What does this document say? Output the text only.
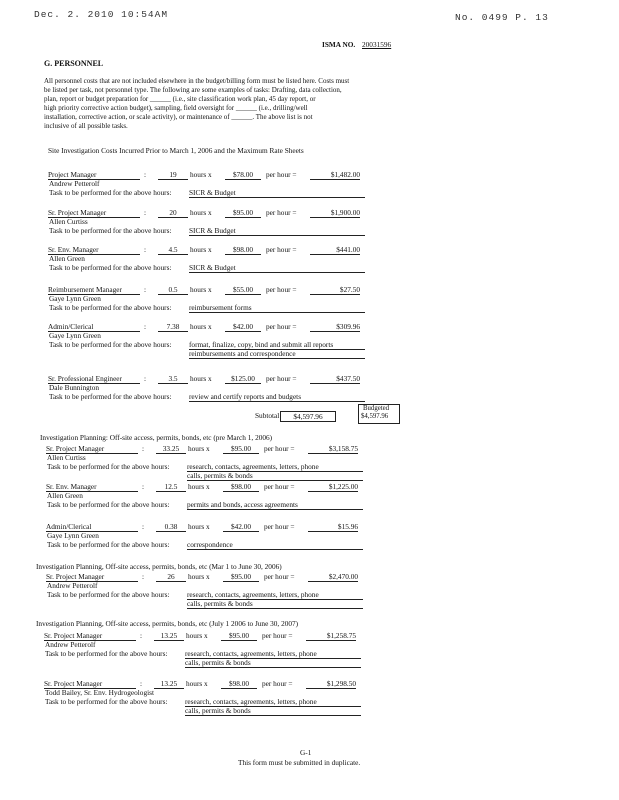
Dec. 2. 2010 10:54AM	No. 0499 P. 13
ISMA NO. 20031596
G. PERSONNEL
All personnel costs that are not included elsewhere in the budget/billing form must be listed here. Costs must
be listed per task, not personnel type. The following are some examples of tasks: Drafting, data collection,
plan, report or budget preparation for ______ (i.e., site classification work plan, 45 day report, or
high priority corrective action budget), sampling, field oversight for ______ (i.e., drilling/well
installation, corrective action, or scale activity), or maintenance of ______. The above list is not
inclusive of all possible tasks.
Site Investigation Costs Incurred Prior to March 1, 2006 and the Maximum Rate Sheets
Project Manager	:	19	hours x	$78.00	per hour =	$1,482.00
Andrew Petterolf
Task to be performed for the above hours: SICR & Budget
Sr. Project Manager	:	20	hours x	$95.00	per hour =	$1,900.00
Allen Curtiss
Task to be performed for the above hours: SICR & Budget
Sr. Env. Manager	:	4.5	hours x	$98.00	per hour =	$441.00
Allen Green
Task to be performed for the above hours: SICR & Budget
Reimbursement Manager	:	0.5	hours x	$55.00	per hour =	$27.50
Gaye Lynn Green
Task to be performed for the above hours: reimbursement forms
Admin/Clerical	:	7.38	hours x	$42.00	per hour =	$309.96
Gaye Lynn Green
Task to be performed for the above hours: format, finalize, copy, bind and submit all reports
reimbursements and correspondence
Sr. Professional Engineer	:	3.5	hours x	$125.00	per hour =	$437.50
Dale Bunnington
Task to be performed for the above hours: review and certify reports and budgets
Sr. Project Manager	:	33.25	hours x	$95.00	per hour =	$3,158.75
Allen Curtiss
Task to be performed for the above hours: research, contacts, agreements, letters, phone
calls, permits & bonds
Sr. Env. Manager	:	12.5	hours x	$98.00	per hour =	$1,225.00
Allen Green
Task to be performed for the above hours: permits and bonds, access agreements
Admin/Clerical	:	0.38	hours x	$42.00	per hour =	$15.96
Gaye Lynn Green
Task to be performed for the above hours: correspondence
Sr. Project Manager	:	26	hours x	$95.00	per hour =	$2,470.00
Andrew Petterolf
Task to be performed for the above hours: research, contacts, agreements, letters, phone
calls, permits & bonds
Sr. Project Manager	:	13.25	hours x	$95.00	per hour =	$1,258.75
Andrew Petterolf
Task to be performed for the above hours: research, contacts, agreements, letters, phone
calls, permits & bonds
Sr. Project Manager	:	13.25	hours x	$98.00	per hour =	$1,298.50
Todd Bailey, Sr. Env. Hydrogeologist
Task to be performed for the above hours: research, contacts, agreements, letters, phone
calls, permits & bonds
Subtotal	$4,597.96
Budgeted
$4,597.96
Investigation Planning: Off-site access, permits, bonds, etc (pre March 1, 2006)
Investigation Planning, Off-site access, permits, bonds, etc (Mar 1 to June 30, 2006)
Investigation Planning, Off-site access, permits, bonds, etc (July 1 2006 to June 30, 2007)
G-1
This form must be submitted in duplicate.
